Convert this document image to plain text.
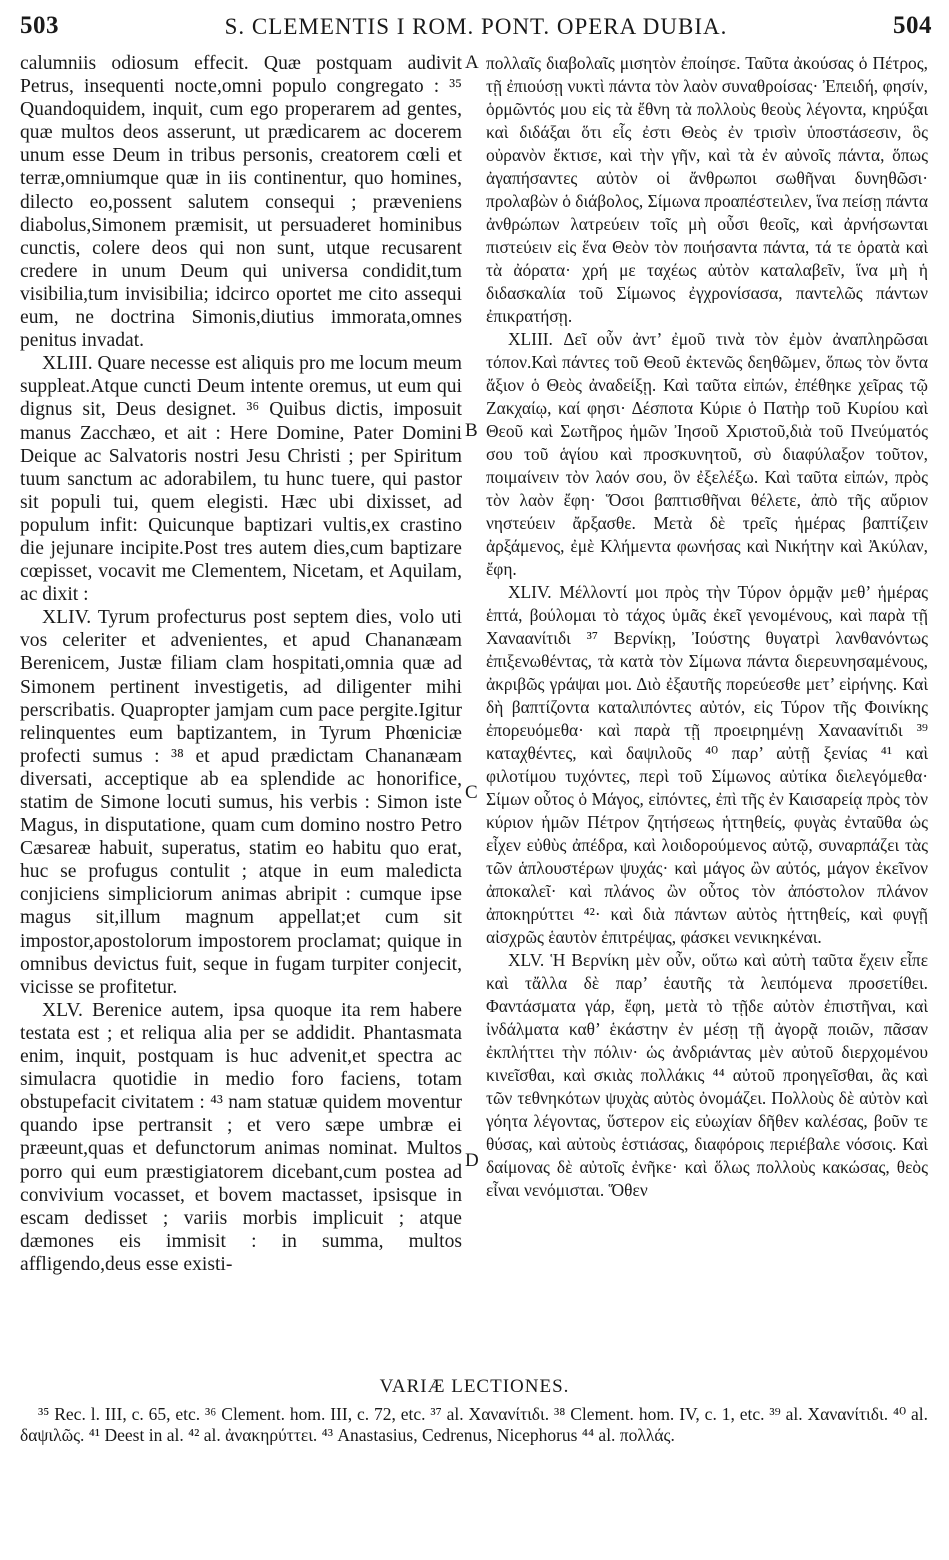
503	S. CLEMENTIS I ROM. PONT. OPERA DUBIA.	504

calumniis odiosum effecit. Quæ postquam audivit Petrus, insequenti nocte,omni populo congregato : ³⁵ Quandoquidem, inquit, cum ego properarem ad gentes, quæ multos deos asserunt, ut prædicarem ac docerem unum esse Deum in tribus personis, creatorem cœli et terræ,omniumque quæ in iis continentur, quo homines, dilecto eo,possent salutem consequi ; præveniens diabolus,Simonem præmisit, ut persuaderet hominibus cunctis, colere deos qui non sunt, utque recusarent credere in unum Deum qui universa condidit,tum visibilia,tum invisibilia; idcirco oportet me cito assequi eum, ne doctrina Simonis,diutius immorata,omnes penitus invadat.

XLIII. Quare necesse est aliquis pro me locum meum suppleat.Atque cuncti Deum intente oremus, ut eum qui dignus sit, Deus designet. ³⁶ Quibus dictis, imposuit manus Zacchæo, et ait : Here Domine, Pater Domini Deique ac Salvatoris nostri Jesu Christi ; per Spiritum tuum sanctum ac adorabilem, tu hunc tuere, qui pastor sit populi tui, quem elegisti. Hæc ubi dixisset, ad populum infit: Quicunque baptizari vultis,ex crastino die jejunare incipite.Post tres autem dies,cum baptizare cœpisset, vocavit me Clementem, Nicetam, et Aquilam, ac dixit :

XLIV. Tyrum profecturus post septem dies, volo uti vos celeriter et advenientes, et apud Chananæam Berenicem, Justæ filiam clam hospitati,omnia quæ ad Simonem pertinent investigetis, ad diligenter mihi perscribatis. Quapropter jamjam cum pace pergite.Igitur relinquentes eum baptizantem, in Tyrum Phœniciæ profecti sumus : ³⁸ et apud prædictam Chananæam diversati, acceptique ab ea splendide ac honorifice, statim de Simone locuti sumus, his verbis : Simon iste Magus, in disputatione, quam cum domino nostro Petro Cæsareæ habuit, superatus, statim eo habitu quo erat, huc se profugus contulit ; atque in eum maledicta conjiciens simpliciorum animas abripit : cumque ipse magus sit,illum magnum appellat;et cum sit impostor,apostolorum impostorem proclamat; quique in omnibus devictus fuit, seque in fugam turpiter conjecit, vicisse se profitetur.

XLV. Berenice autem, ipsa quoque ita rem habere testata est ; et reliqua alia per se addidit. Phantasmata enim, inquit, postquam is huc advenit,et spectra ac simulacra quotidie in medio foro faciens, totam obstupefacit civitatem : ⁴³ nam statuæ quidem moventur quando ipse pertransit ; et vero sæpe umbræ ei præeunt,quas et defunctorum animas nominat. Multos porro qui eum præstigiatorem dicebant,cum postea ad convivium vocasset, et bovem mactasset, ipsisque in escam dedisset ; variis morbis implicuit ; atque dæmones eis immisit : in summa, multos affligendo,deus esse existi-

A
B
C
D

πολλαῖς διαβολαῖς μισητὸν ἐποίησε. Ταῦτα ἀκούσας ὁ Πέτρος, τῇ ἐπιούσῃ νυκτὶ πάντα τὸν λαὸν συναθροίσας· Ἐπειδή, φησίν, ὁρμῶντός μου εἰς τὰ ἔθνη τὰ πολλοὺς θεοὺς λέγοντα, κηρύξαι καὶ διδάξαι ὅτι εἷς ἐστι Θεὸς ἐν τρισὶν ὑποστάσεσιν, ὃς οὐρανὸν ἔκτισε, καὶ τὴν γῆν, καὶ τὰ ἐν αὐνοῖς πάντα, ὅπως ἀγαπήσαντες αὐτὸν οἱ ἄνθρωποι σωθῆναι δυνηθῶσι· προλαβὼν ὁ διάβολος, Σίμωνα προαπέστειλεν, ἵνα πείσῃ πάντα ἀνθρώπων λατρεύειν τοῖς μὴ οὖσι θεοῖς, καὶ ἀρνήσωνται πιστεύειν εἰς ἕνα Θεὸν τὸν ποιήσαντα πάντα, τά τε ὁρατὰ καὶ τὰ ἀόρατα· χρή με ταχέως αὐτὸν καταλαβεῖν, ἵνα μὴ ἡ διδασκαλία τοῦ Σίμωνος ἐγχρονίσασα, παντελῶς πάντων ἐπικρατήσῃ.

XLIII. Δεῖ οὖν ἀντ’ ἐμοῦ τινὰ τὸν ἐμὸν ἀναπληρῶσαι τόπον.Καὶ πάντες τοῦ Θεοῦ ἐκτενῶς δεηθῶμεν, ὅπως τὸν ὄντα ἄξιον ὁ Θεὸς ἀναδείξῃ. Καὶ ταῦτα εἰπών, ἐπέθηκε χεῖρας τῷ Ζακχαίῳ, καί φησι· Δέσποτα Κύριε ὁ Πατὴρ τοῦ Κυρίου καὶ Θεοῦ καὶ Σωτῆρος ἡμῶν Ἰησοῦ Χριστοῦ,διὰ τοῦ Πνεύματός σου τοῦ ἁγίου καὶ προσκυνητοῦ, σὺ διαφύλαξον τοῦτον, ποιμαίνειν τὸν λαόν σου, ὃν ἐξελέξω. Καὶ ταῦτα εἰπών, πρὸς τὸν λαὸν ἔφη· Ὅσοι βαπτισθῆναι θέλετε, ἀπὸ τῆς αὔριον νηστεύειν ἄρξασθε. Μετὰ δὲ τρεῖς ἡμέρας βαπτίζειν ἀρξάμενος, ἐμὲ Κλήμεντα φωνήσας καὶ Νικήτην καὶ Ἀκύλαν, ἔφη.

XLIV. Μέλλοντί μοι πρὸς τὴν Τύρον ὁρμᾷν μεθ’ ἡμέρας ἑπτά, βούλομαι τὸ τάχος ὑμᾶς ἐκεῖ γενομένους, καὶ παρὰ τῇ Χαναανίτιδι ³⁷ Βερνίκῃ, Ἰούστης θυγατρὶ λανθανόντως ἐπιξενωθέντας, τὰ κατὰ τὸν Σίμωνα πάντα διερευνησαμένους, ἀκριβῶς γράψαι μοι. Διὸ ἐξαυτῆς πορεύεσθε μετ’ εἰρήνης. Καὶ δὴ βαπτίζοντα καταλιπόντες αὐτόν, εἰς Τύρον τῆς Φοινίκης ἐπορευόμεθα· καὶ παρὰ τῇ προειρημένῃ Χαναανίτιδι ³⁹ καταχθέντες, καὶ δαψιλοῦς ⁴⁰ παρ’ αὐτῇ ξενίας ⁴¹ καὶ φιλοτίμου τυχόντες, περὶ τοῦ Σίμωνος αὐτίκα διελεγόμεθα· Σίμων οὗτος ὁ Μάγος, εἰπόντες, ἐπὶ τῆς ἐν Καισαρείᾳ πρὸς τὸν κύριον ἡμῶν Πέτρον ζητήσεως ἡττηθείς, φυγὰς ἐνταῦθα ὡς εἶχεν εὐθὺς ἀπέδρα, καὶ λοιδορούμενος αὐτῷ, συναρπάζει τὰς τῶν ἁπλουστέρων ψυχάς· καὶ μάγος ὢν αὐτός, μάγον ἐκεῖνον ἀποκαλεῖ· καὶ πλάνος ὢν οὗτος τὸν ἀπόστολον πλάνον ἀποκηρύττει ⁴²· καὶ διὰ πάντων αὐτὸς ἡττηθείς, καὶ φυγῇ αἰσχρῶς ἑαυτὸν ἐπιτρέψας, φάσκει νενικηκέναι.

XLV. Ἡ Βερνίκη μὲν οὖν, οὕτω καὶ αὐτὴ ταῦτα ἔχειν εἶπε καὶ τἄλλα δὲ παρ’ ἑαυτῆς τὰ λειπόμενα προσετίθει. Φαντάσματα γάρ, ἔφη, μετὰ τὸ τῇδε αὐτὸν ἐπιστῆναι, καὶ ἰνδάλματα καθ’ ἑκάστην ἐν μέσῃ τῇ ἀγορᾷ ποιῶν, πᾶσαν ἐκπλήττει τὴν πόλιν· ὡς ἀνδριάντας μὲν αὐτοῦ διερχομένου κινεῖσθαι, καὶ σκιὰς πολλάκις ⁴⁴ αὐτοῦ προηγεῖσθαι, ἃς καὶ τῶν τεθνηκότων ψυχὰς αὐτὸς ὀνομάζει. Πολλοὺς δὲ αὐτὸν καὶ γόητα λέγοντας, ὕστερον εἰς εὐωχίαν δῆθεν καλέσας, βοῦν τε θύσας, καὶ αὐτοὺς ἑστιάσας, διαφόροις περιέβαλε νόσοις. Καὶ δαίμονας δὲ αὐτοῖς ἐνῆκε· καὶ ὅλως πολλοὺς κακώσας, θεὸς εἶναι νενόμισται. Ὅθεν

VARIÆ LECTIONES.

³⁵ Rec. l. III, c. 65, etc. ³⁶ Clement. hom. III, c. 72, etc. ³⁷ al. Χανανίτιδι. ³⁸ Clement. hom. IV, c. 1, etc. ³⁹ al. Χανανίτιδι. ⁴⁰ al. δαψιλῶς. ⁴¹ Deest in al. ⁴² al. ἀνακηρύττει. ⁴³ Anastasius, Cedrenus, Nicephorus ⁴⁴ al. πολλάς.
